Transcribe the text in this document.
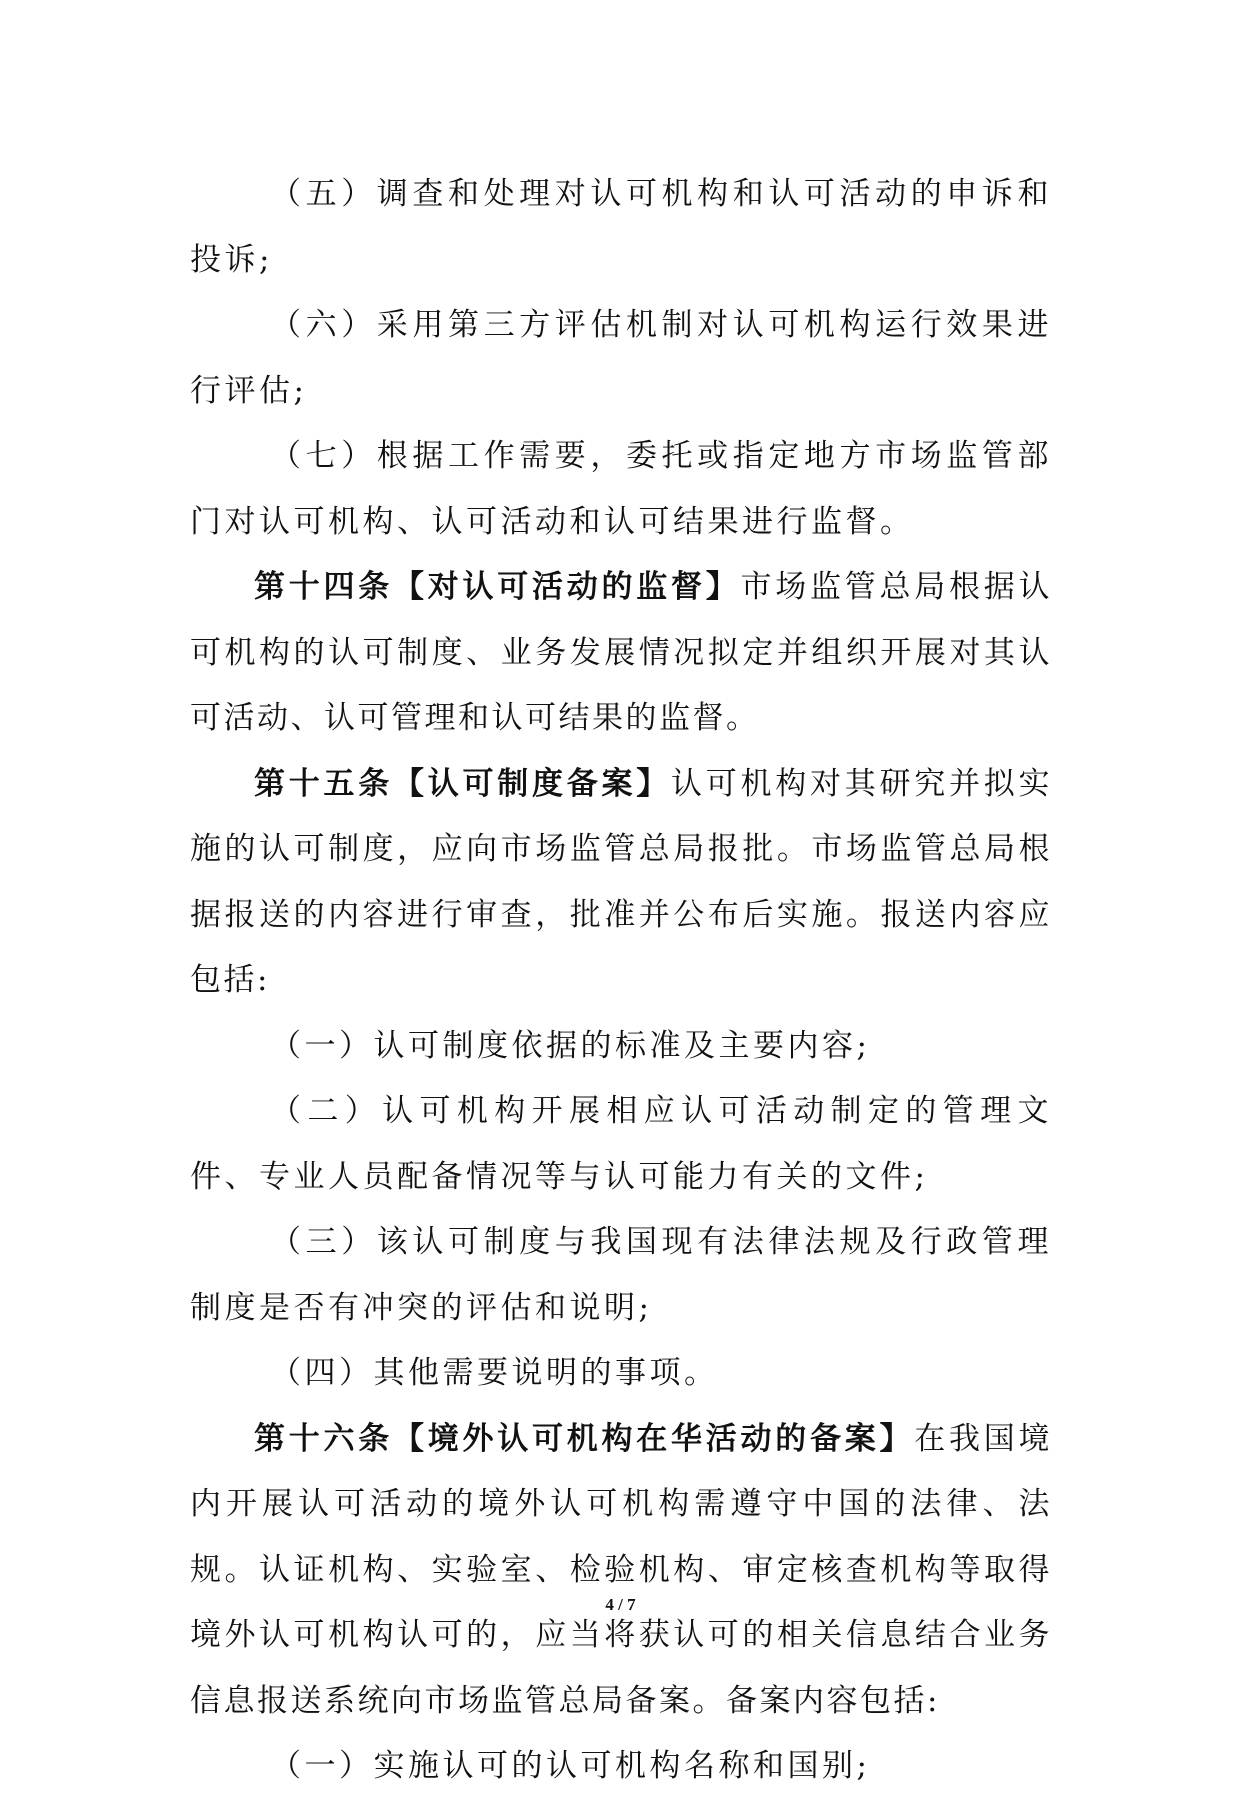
（五）调查和处理对认可机构和认可活动的申诉和投诉;

（六）采用第三方评估机制对认可机构运行效果进行评估;

（七）根据工作需要，委托或指定地方市场监管部门对认可机构、认可活动和认可结果进行监督。

第十四条【对认可活动的监督】市场监管总局根据认可机构的认可制度、业务发展情况拟定并组织开展对其认可活动、认可管理和认可结果的监督。

第十五条【认可制度备案】认可机构对其研究并拟实施的认可制度，应向市场监管总局报批。市场监管总局根据报送的内容进行审查，批准并公布后实施。报送内容应包括:

（一）认可制度依据的标准及主要内容;

（二）认可机构开展相应认可活动制定的管理文件、专业人员配备情况等与认可能力有关的文件;

（三）该认可制度与我国现有法律法规及行政管理制度是否有冲突的评估和说明;

（四）其他需要说明的事项。

第十六条【境外认可机构在华活动的备案】在我国境内开展认可活动的境外认可机构需遵守中国的法律、法规。认证机构、实验室、检验机构、审定核查机构等取得境外认可机构认可的，应当将获认可的相关信息结合业务信息报送系统向市场监管总局备案。备案内容包括:

（一）实施认可的认可机构名称和国别;

4 / 7
